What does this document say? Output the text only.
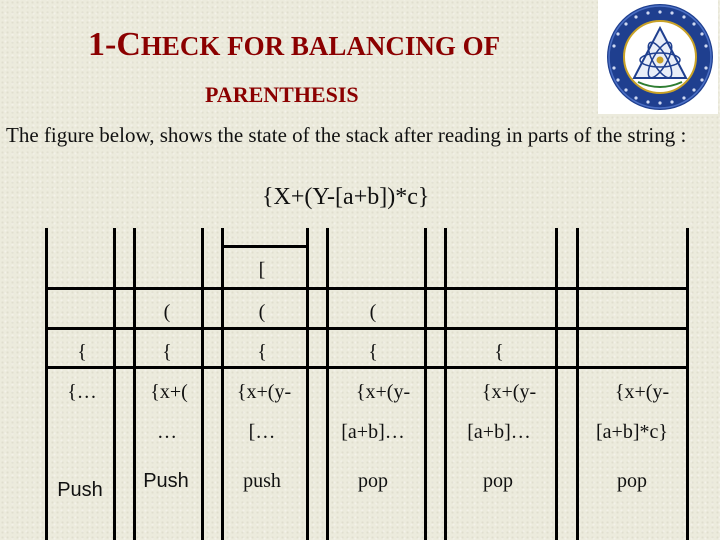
1-CHECK FOR BALANCING OF
PARENTHESIS
The figure below, shows the state of the stack after reading in parts of the string :
{X+(Y-[a+b])*c}
{
{…
Push
(
{
{x+(
…
Push
[
(
{
{x+(y-
[…
push
(
{
{x+(y-
[a+b]…
pop
{
{x+(y-
[a+b]…
pop
{x+(y-
[a+b]*c}
pop
